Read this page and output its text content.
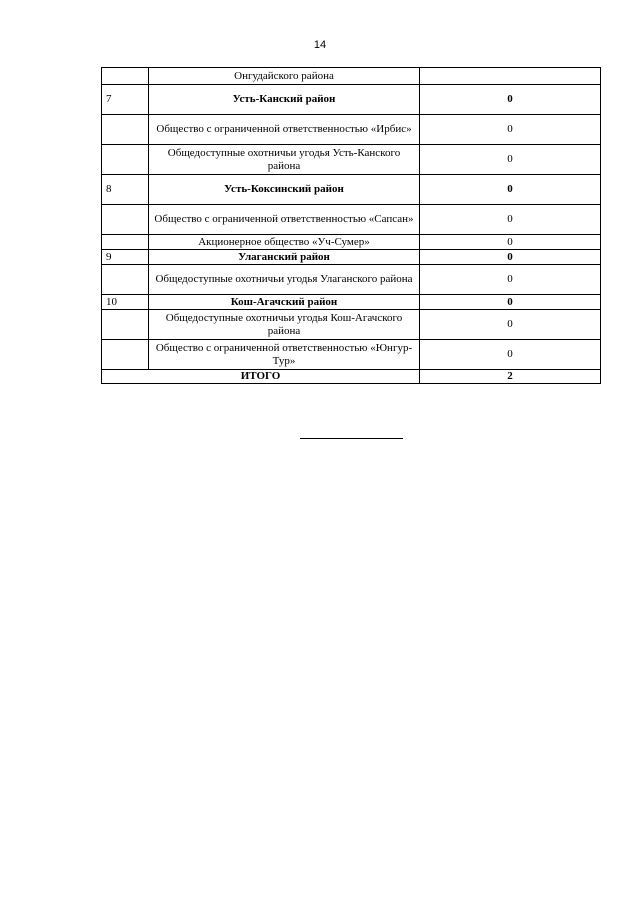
14
	Онгудайского района	
7	Усть-Канский район	0
	Общество с ограниченной ответственностью «Ирбис»	0
	Общедоступные охотничьи угодья Усть-Канского района	0
8	Усть-Коксинский район	0
	Общество с ограниченной ответственностью «Сапсан»	0
	Акционерное общество «Уч-Сумер»	0
9	Улаганский район	0
	Общедоступные охотничьи угодья Улаганского района	0
10	Кош-Агачский район	0
	Общедоступные охотничьи угодья Кош-Агачского района	0
	Общество с ограниченной ответственностью «Юнгур-Тур»	0
ИТОГО		2
